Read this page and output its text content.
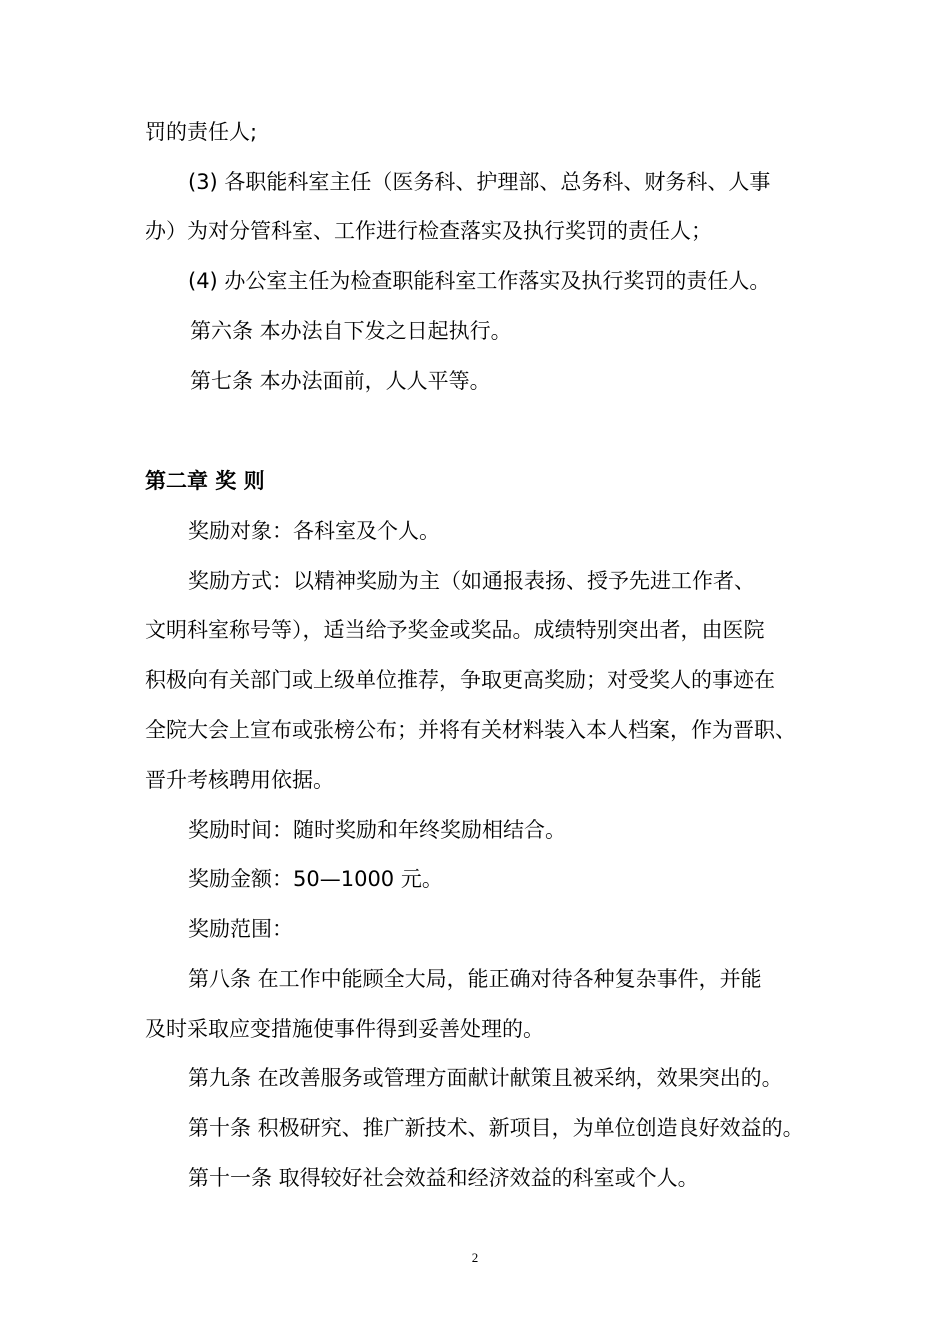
罚的责任人;
(3) 各职能科室主任（医务科、护理部、总务科、财务科、人事
办）为对分管科室、工作进行检查落实及执行奖罚的责任人；
(4) 办公室主任为检查职能科室工作落实及执行奖罚的责任人。
第六条 本办法自下发之日起执行。
第七条 本办法面前，人人平等。
第二章 奖 则
奖励对象：各科室及个人。
奖励方式：以精神奖励为主（如通报表扬、授予先进工作者、
文明科室称号等），适当给予奖金或奖品。成绩特别突出者，由医院
积极向有关部门或上级单位推荐，争取更高奖励；对受奖人的事迹在
全院大会上宣布或张榜公布；并将有关材料装入本人档案，作为晋职、
晋升考核聘用依据。
奖励时间：随时奖励和年终奖励相结合。
奖励金额：50—1000 元。
奖励范围：
第八条 在工作中能顾全大局，能正确对待各种复杂事件，并能
及时采取应变措施使事件得到妥善处理的。
第九条 在改善服务或管理方面献计献策且被采纳，效果突出的。
第十条 积极研究、推广新技术、新项目，为单位创造良好效益的。
第十一条 取得较好社会效益和经济效益的科室或个人。
2
